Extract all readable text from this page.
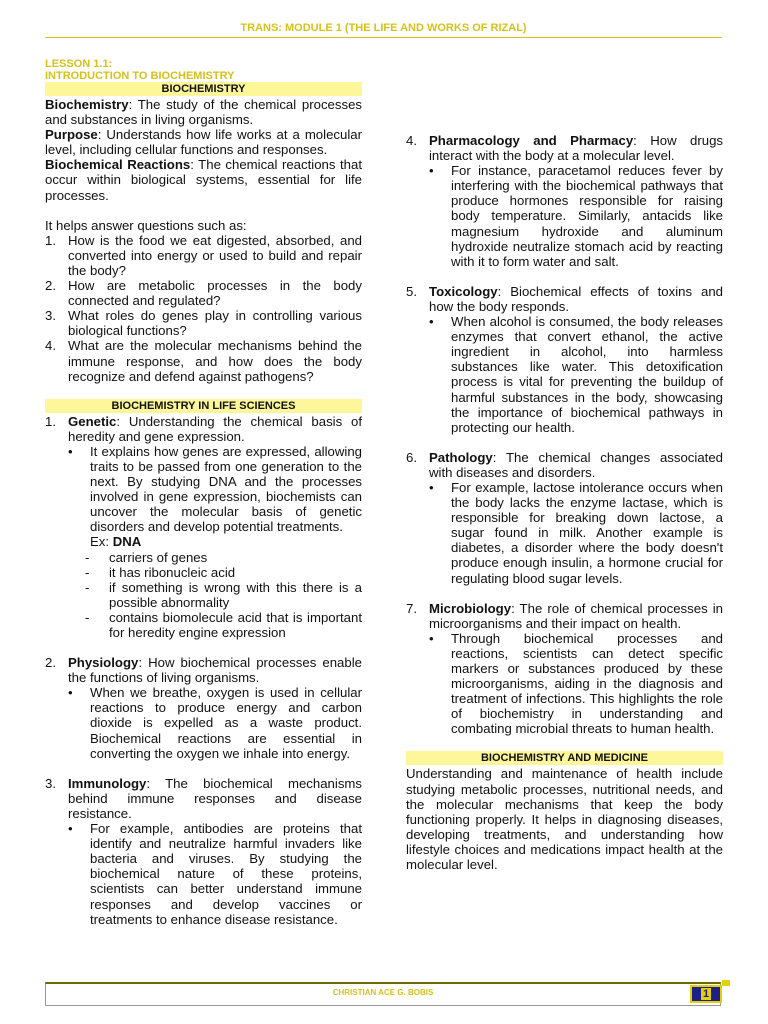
TRANS: MODULE 1 (THE LIFE AND WORKS OF RIZAL)
LESSON 1.1:
INTRODUCTION TO BIOCHEMISTRY
BIOCHEMISTRY

Biochemistry: The study of the chemical processes and substances in living organisms.

Purpose: Understands how life works at a molecular level, including cellular functions and responses.

Biochemical Reactions: The chemical reactions that occur within biological systems, essential for life processes.

It helps answer questions such as:

1. How is the food we eat digested, absorbed, and converted into energy or used to build and repair the body?
2. How are metabolic processes in the body connected and regulated?
3. What roles do genes play in controlling various biological functions?
4. What are the molecular mechanisms behind the immune response, and how does the body recognize and defend against pathogens?
BIOCHEMISTRY IN LIFE SCIENCES
1. Genetic: Understanding the chemical basis of heredity and gene expression.
•	It explains how genes are expressed, allowing traits to be passed from one generation to the next. By studying DNA and the processes involved in gene expression, biochemists can uncover the molecular basis of genetic disorders and develop potential treatments.
Ex: DNA
-	carriers of genes
-	it has ribonucleic acid
-	if something is wrong with this there is a possible abnormality
-	contains biomolecule acid that is important for heredity engine expression
2. Physiology: How biochemical processes enable the functions of living organisms.
•	When we breathe, oxygen is used in cellular reactions to produce energy and carbon dioxide is expelled as a waste product. Biochemical reactions are essential in converting the oxygen we inhale into energy.
3. Immunology: The biochemical mechanisms behind immune responses and disease resistance.
•	For example, antibodies are proteins that identify and neutralize harmful invaders like bacteria and viruses. By studying the biochemical nature of these proteins, scientists can better understand immune responses and develop vaccines or treatments to enhance disease resistance.
4. Pharmacology and Pharmacy: How drugs interact with the body at a molecular level.
•	For instance, paracetamol reduces fever by interfering with the biochemical pathways that produce hormones responsible for raising body temperature. Similarly, antacids like magnesium hydroxide and aluminum hydroxide neutralize stomach acid by reacting with it to form water and salt.
5. Toxicology: Biochemical effects of toxins and how the body responds.
•	When alcohol is consumed, the body releases enzymes that convert ethanol, the active ingredient in alcohol, into harmless substances like water. This detoxification process is vital for preventing the buildup of harmful substances in the body, showcasing the importance of biochemical pathways in protecting our health.
6. Pathology: The chemical changes associated with diseases and disorders.
•	For example, lactose intolerance occurs when the body lacks the enzyme lactase, which is responsible for breaking down lactose, a sugar found in milk. Another example is diabetes, a disorder where the body doesn't produce enough insulin, a hormone crucial for regulating blood sugar levels.
7. Microbiology: The role of chemical processes in microorganisms and their impact on health.
•	Through biochemical processes and reactions, scientists can detect specific markers or substances produced by these microorganisms, aiding in the diagnosis and treatment of infections. This highlights the role of biochemistry in understanding and combating microbial threats to human health.
BIOCHEMISTRY AND MEDICINE

Understanding and maintenance of health include studying metabolic processes, nutritional needs, and the molecular mechanisms that keep the body functioning properly. It helps in diagnosing diseases, developing treatments, and understanding how lifestyle choices and medications impact health at the molecular level.

CHRISTIAN ACE G. BOBIS	1
